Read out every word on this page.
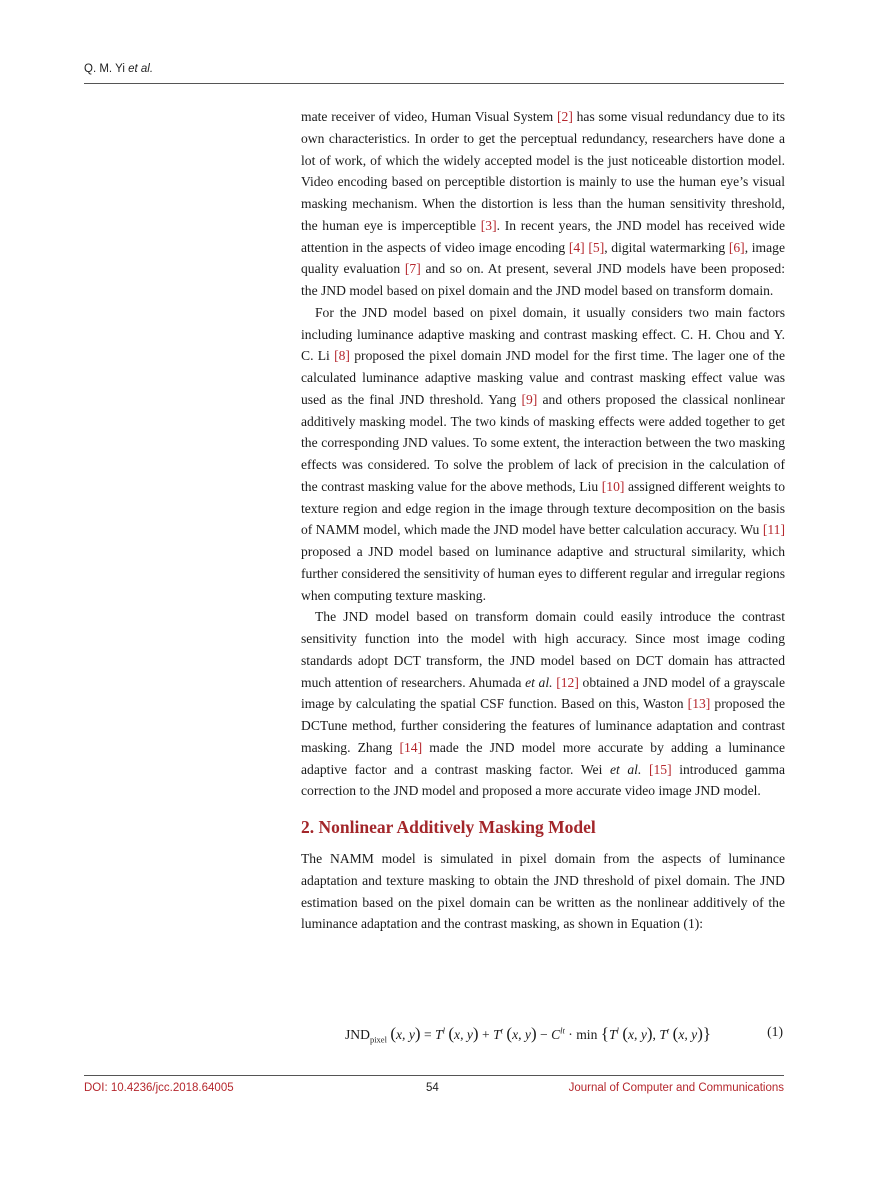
Q. M. Yi et al.

mate receiver of video, Human Visual System [2] has some visual redundancy due to its own characteristics. In order to get the perceptual redundancy, researchers have done a lot of work, of which the widely accepted model is the just noticeable distortion model. Video encoding based on perceptible distortion is mainly to use the human eye’s visual masking mechanism. When the distortion is less than the human sensitivity threshold, the human eye is imperceptible [3]. In recent years, the JND model has received wide attention in the aspects of video image encoding [4] [5], digital watermarking [6], image quality evaluation [7] and so on. At present, several JND models have been proposed: the JND model based on pixel domain and the JND model based on transform domain.

For the JND model based on pixel domain, it usually considers two main factors including luminance adaptive masking and contrast masking effect. C. H. Chou and Y. C. Li [8] proposed the pixel domain JND model for the first time. The lager one of the calculated luminance adaptive masking value and contrast masking effect value was used as the final JND threshold. Yang [9] and others proposed the classical nonlinear additively masking model. The two kinds of masking effects were added together to get the corresponding JND values. To some extent, the interaction between the two masking effects was considered. To solve the problem of lack of precision in the calculation of the contrast masking value for the above methods, Liu [10] assigned different weights to texture region and edge region in the image through texture decomposition on the basis of NAMM model, which made the JND model have better calculation accuracy. Wu [11] proposed a JND model based on luminance adaptive and structural similarity, which further considered the sensitivity of human eyes to different regular and irregular regions when computing texture masking.

The JND model based on transform domain could easily introduce the contrast sensitivity function into the model with high accuracy. Since most image coding standards adopt DCT transform, the JND model based on DCT domain has attracted much attention of researchers. Ahumada et al. [12] obtained a JND model of a grayscale image by calculating the spatial CSF function. Based on this, Waston [13] proposed the DCTune method, further considering the features of luminance adaptation and contrast masking. Zhang [14] made the JND model more accurate by adding a luminance adaptive factor and a contrast masking factor. Wei et al. [15] introduced gamma correction to the JND model and proposed a more accurate video image JND model.

2. Nonlinear Additively Masking Model

The NAMM model is simulated in pixel domain from the aspects of luminance adaptation and texture masking to obtain the JND threshold of pixel domain. The JND estimation based on the pixel domain can be written as the nonlinear additively of the luminance adaptation and the contrast masking, as shown in Equation (1):

$JND_{pixel}$ (x, $y) = T^l$ (x, $y) + T^t$ (x, $y) - C^{lt} \cdot \min \{T^l$ (x, y), $T^t$ (x, y)}	(1)
DOI: 10.4236/jcc.2018.64005	54	Journal of Computer and Communications
